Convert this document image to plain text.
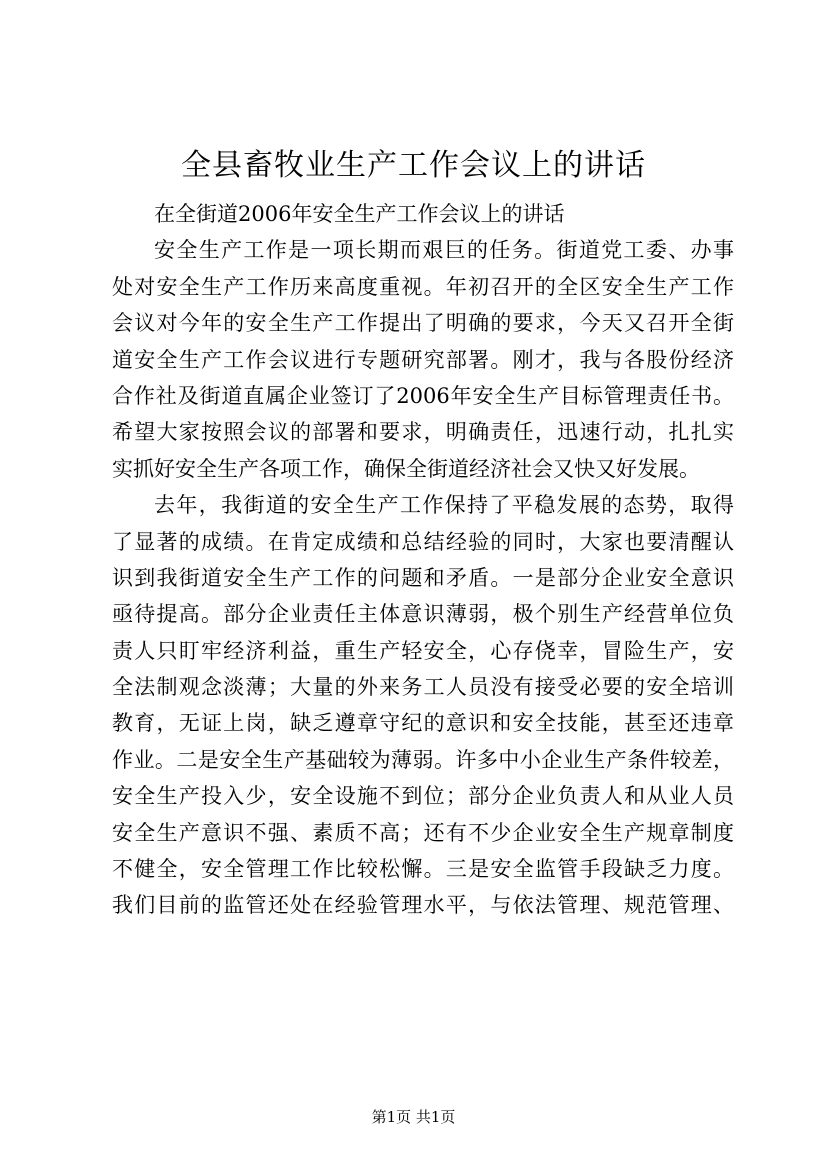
全县畜牧业生产工作会议上的讲话
在全街道2006年安全生产工作会议上的讲话
安全生产工作是一项长期而艰巨的任务。街道党工委、办事
处对安全生产工作历来高度重视。年初召开的全区安全生产工作
会议对今年的安全生产工作提出了明确的要求，今天又召开全街
道安全生产工作会议进行专题研究部署。刚才，我与各股份经济
合作社及街道直属企业签订了2006年安全生产目标管理责任书。
希望大家按照会议的部署和要求，明确责任，迅速行动，扎扎实
实抓好安全生产各项工作，确保全街道经济社会又快又好发展。
去年，我街道的安全生产工作保持了平稳发展的态势，取得
了显著的成绩。在肯定成绩和总结经验的同时，大家也要清醒认
识到我街道安全生产工作的问题和矛盾。一是部分企业安全意识
亟待提高。部分企业责任主体意识薄弱，极个别生产经营单位负
责人只盯牢经济利益，重生产轻安全，心存侥幸，冒险生产，安
全法制观念淡薄；大量的外来务工人员没有接受必要的安全培训
教育，无证上岗，缺乏遵章守纪的意识和安全技能，甚至还违章
作业。二是安全生产基础较为薄弱。许多中小企业生产条件较差，
安全生产投入少，安全设施不到位；部分企业负责人和从业人员
安全生产意识不强、素质不高；还有不少企业安全生产规章制度
不健全，安全管理工作比较松懈。三是安全监管手段缺乏力度。
我们目前的监管还处在经验管理水平，与依法管理、规范管理、
第1页 共1页
